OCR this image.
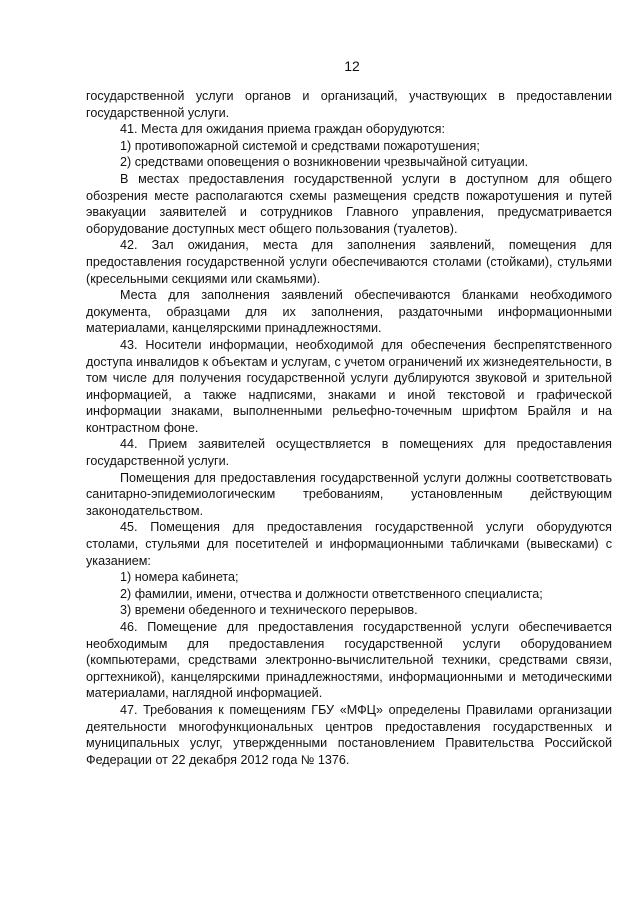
12

государственной услуги органов и организаций, участвующих в предоставлении государственной услуги.

41. Места для ожидания приема граждан оборудуются:

1) противопожарной системой и средствами пожаротушения;

2) средствами оповещения о возникновении чрезвычайной ситуации.

В местах предоставления государственной услуги в доступном для общего обозрения месте располагаются схемы размещения средств пожаротушения и путей эвакуации заявителей и сотрудников Главного управления, предусматривается оборудование доступных мест общего пользования (туалетов).

42. Зал ожидания, места для заполнения заявлений, помещения для предоставления государственной услуги обеспечиваются столами (стойками), стульями (кресельными секциями или скамьями).

Места для заполнения заявлений обеспечиваются бланками необходимого документа, образцами для их заполнения, раздаточными информационными материалами, канцелярскими принадлежностями.

43. Носители информации, необходимой для обеспечения беспрепятственного доступа инвалидов к объектам и услугам, с учетом ограничений их жизнедеятельности, в том числе для получения государственной услуги дублируются звуковой и зрительной информацией, а также надписями, знаками и иной текстовой и графической информации знаками, выполненными рельефно-точечным шрифтом Брайля и на контрастном фоне.

44. Прием заявителей осуществляется в помещениях для предоставления государственной услуги.

Помещения для предоставления государственной услуги должны соответствовать санитарно-эпидемиологическим требованиям, установленным действующим законодательством.

45. Помещения для предоставления государственной услуги оборудуются столами, стульями для посетителей и информационными табличками (вывесками) с указанием:

1) номера кабинета;

2) фамилии, имени, отчества и должности ответственного специалиста;

3) времени обеденного и технического перерывов.

46. Помещение для предоставления государственной услуги обеспечивается необходимым для предоставления государственной услуги оборудованием (компьютерами, средствами электронно-вычислительной техники, средствами связи, оргтехникой), канцелярскими принадлежностями, информационными и методическими материалами, наглядной информацией.

47. Требования к помещениям ГБУ «МФЦ» определены Правилами организации деятельности многофункциональных центров предоставления государственных и муниципальных услуг, утвержденными постановлением Правительства Российской Федерации от 22 декабря 2012 года № 1376.
